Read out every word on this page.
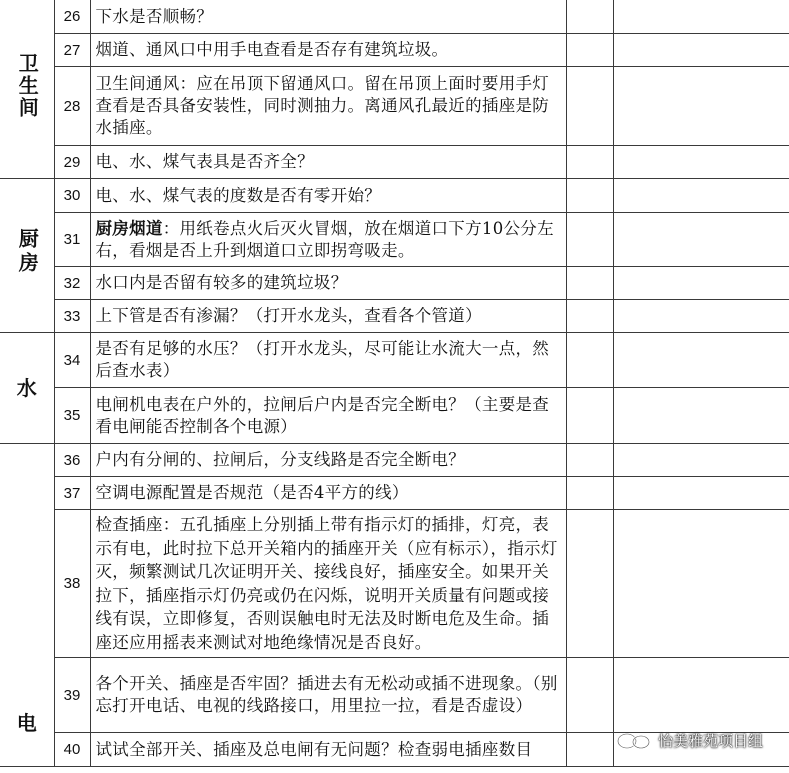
卫生间	26	下水是否顺畅？		
	27	烟道、通风口中用手电查看是否存有建筑垃圾。		
	28	卫生间通风：应在吊顶下留通风口。留在吊顶上面时要用手灯查看是否具备安装性，同时测抽力。离通风孔最近的插座是防水插座。		
	29	电、水、煤气表具是否齐全？		
厨房	30	电、水、煤气表的度数是否有零开始？		
	31	厨房烟道：用纸卷点火后灭火冒烟，放在烟道口下方10公分左右，看烟是否上升到烟道口立即拐弯吸走。		
	32	水口内是否留有较多的建筑垃圾？		
	33	上下管是否有渗漏？（打开水龙头，查看各个管道）		
水	34	是否有足够的水压？（打开水龙头，尽可能让水流大一点，然后查水表）		
	35	电闸机电表在户外的，拉闸后户内是否完全断电？（主要是查看电闸能否控制各个电源）		
电	36	户内有分闸的、拉闸后，分支线路是否完全断电？		
	37	空调电源配置是否规范（是否4平方的线）		
	38	检查插座：五孔插座上分别插上带有指示灯的插排，灯亮，表示有电，此时拉下总开关箱内的插座开关（应有标示），指示灯灭，频繁测试几次证明开关、接线良好，插座安全。如果开关拉下，插座指示灯仍亮或仍在闪烁，说明开关质量有问题或接线有误，立即修复，否则误触电时无法及时断电危及生命。插座还应用摇表来测试对地绝缘情况是否良好。		
	39	各个开关、插座是否牢固？插进去有无松动或插不进现象。（别忘打开电话、电视的线路接口，用里拉一拉，看是否虚设）		
	40	试试全部开关、插座及总电闸有无问题？检查弱电插座数目			怡美雅苑项目组
